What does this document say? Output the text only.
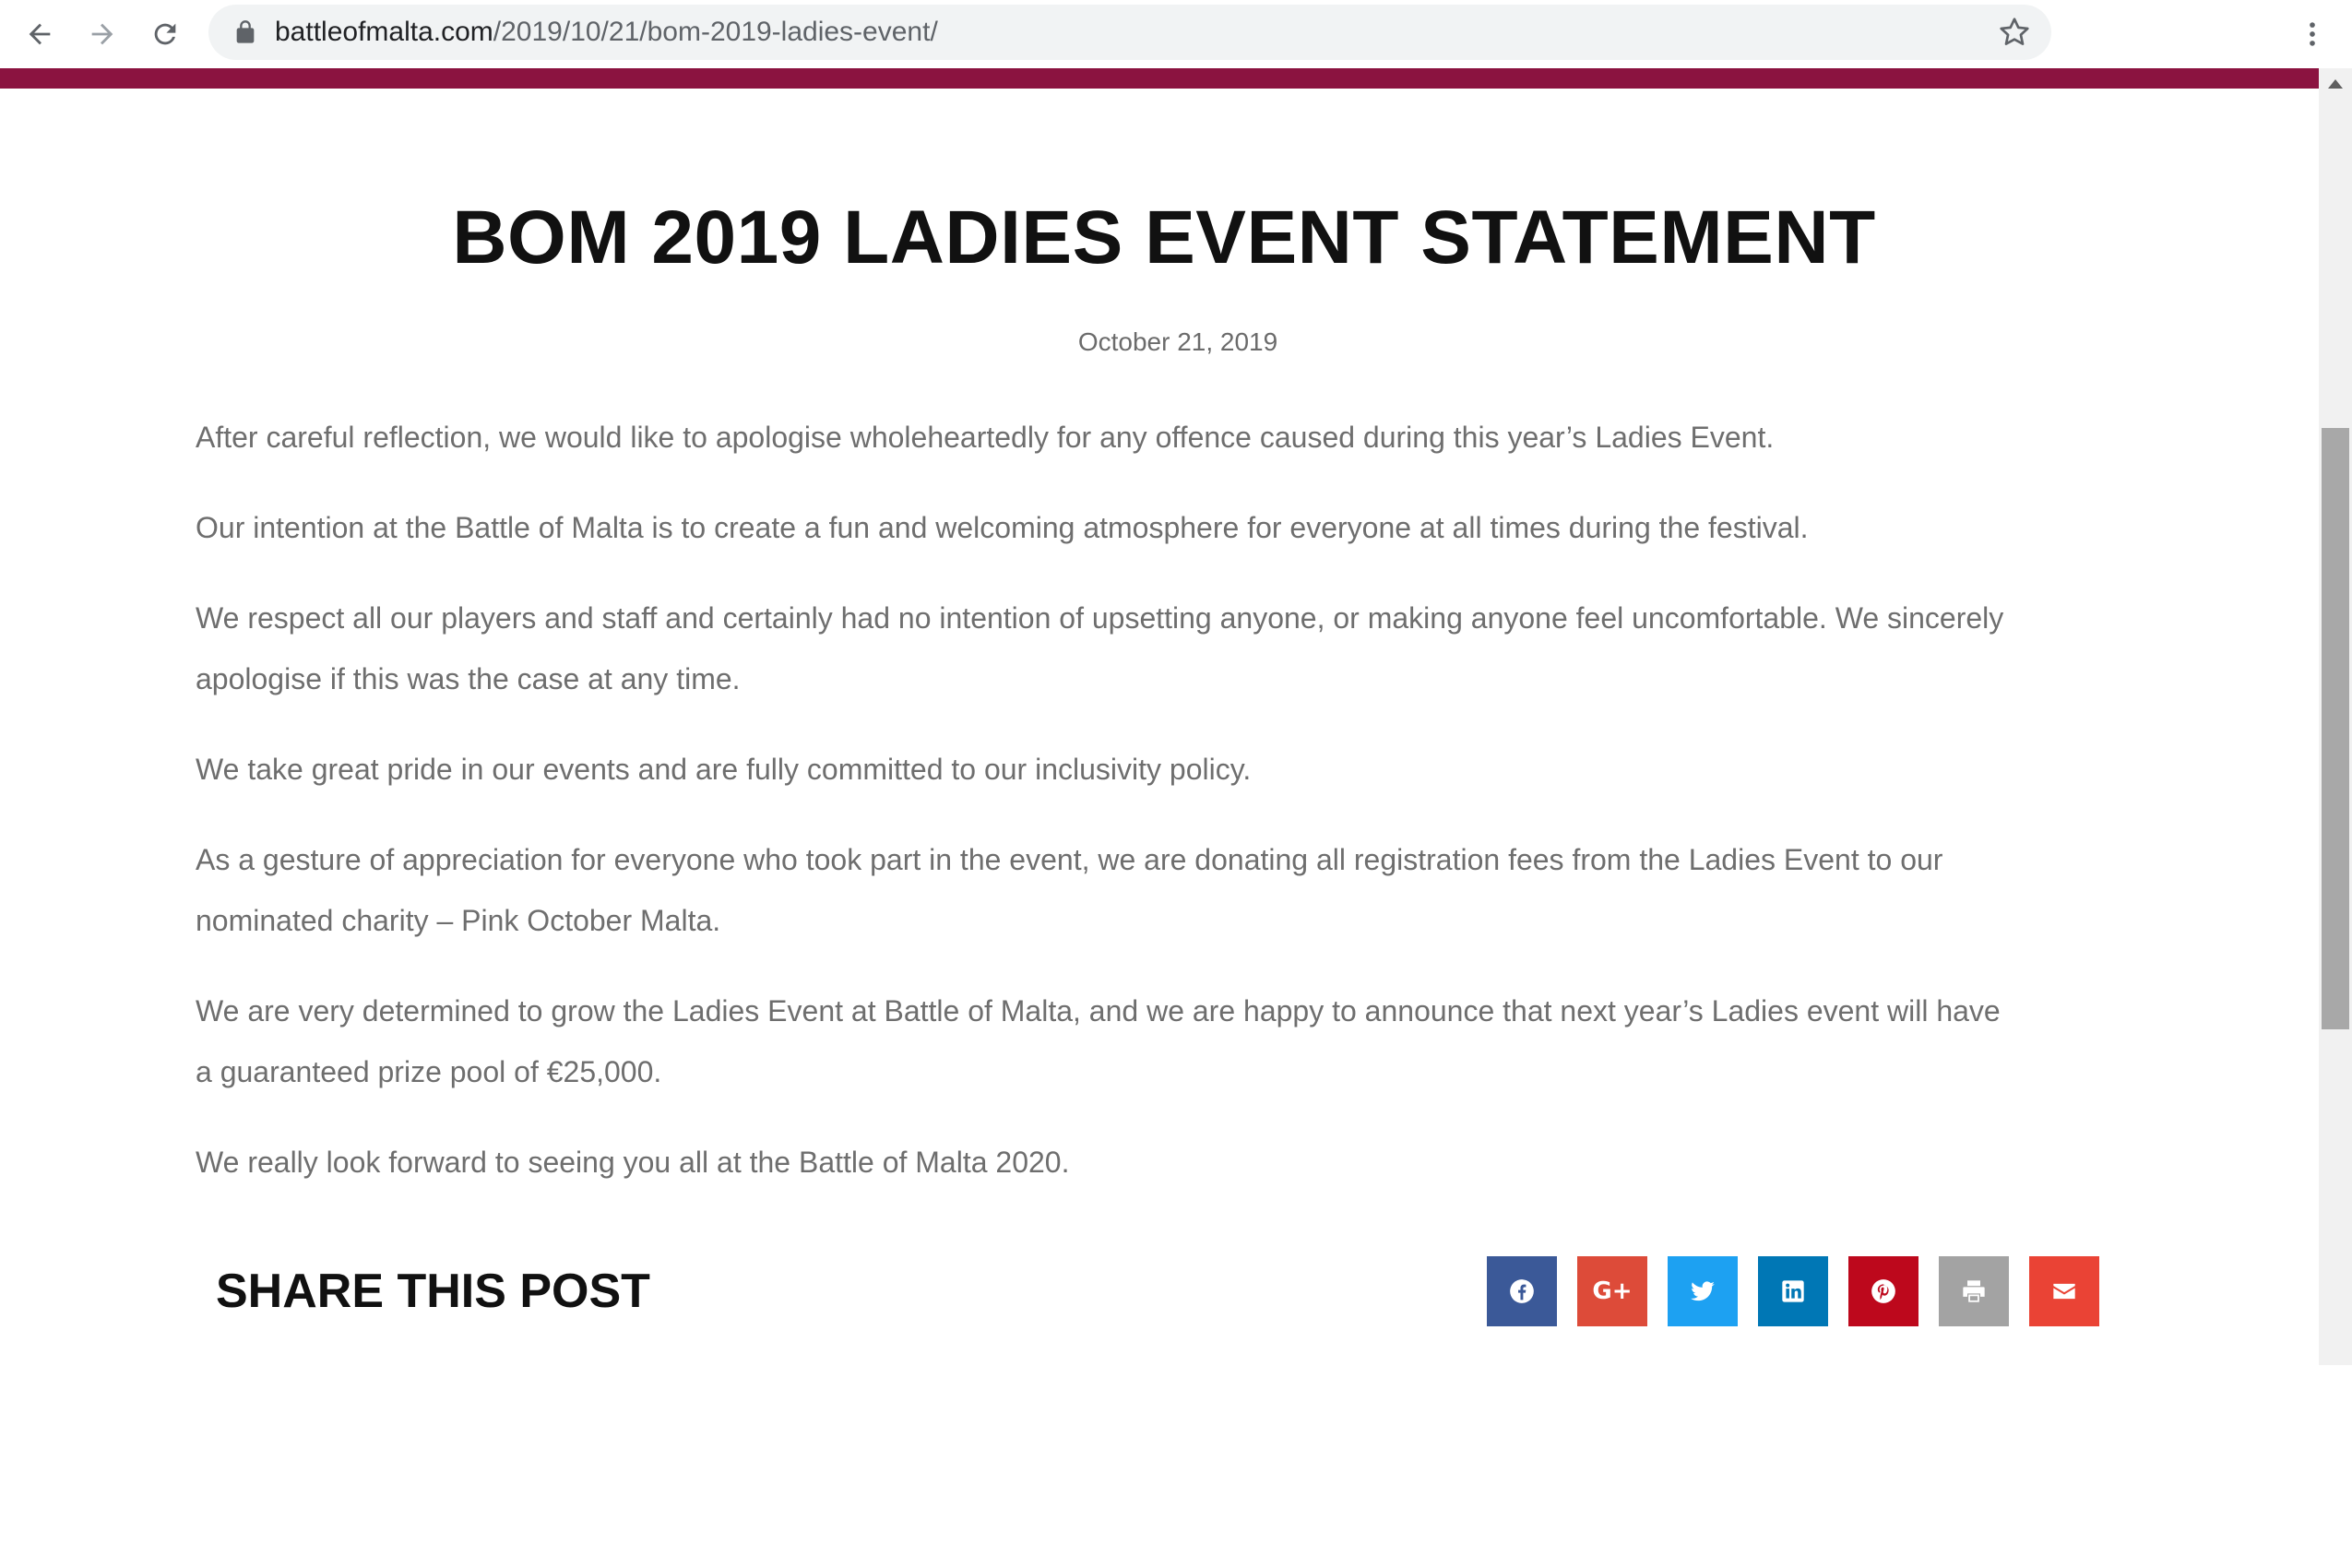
battleofmalta.com/2019/10/21/bom-2019-ladies-event/
BOM 2019 LADIES EVENT STATEMENT
October 21, 2019

After careful reflection, we would like to apologise wholeheartedly for any offence caused during this year’s Ladies Event.

Our intention at the Battle of Malta is to create a fun and welcoming atmosphere for everyone at all times during the festival.

We respect all our players and staff and certainly had no intention of upsetting anyone, or making anyone feel uncomfortable. We sincerely apologise if this was the case at any time.

We take great pride in our events and are fully committed to our inclusivity policy.

As a gesture of appreciation for everyone who took part in the event, we are donating all registration fees from the Ladies Event to our nominated charity – Pink October Malta.

We are very determined to grow the Ladies Event at Battle of Malta, and we are happy to announce that next year’s Ladies event will have a guaranteed prize pool of €25,000.

We really look forward to seeing you all at the Battle of Malta 2020.

SHARE THIS POST	G+
